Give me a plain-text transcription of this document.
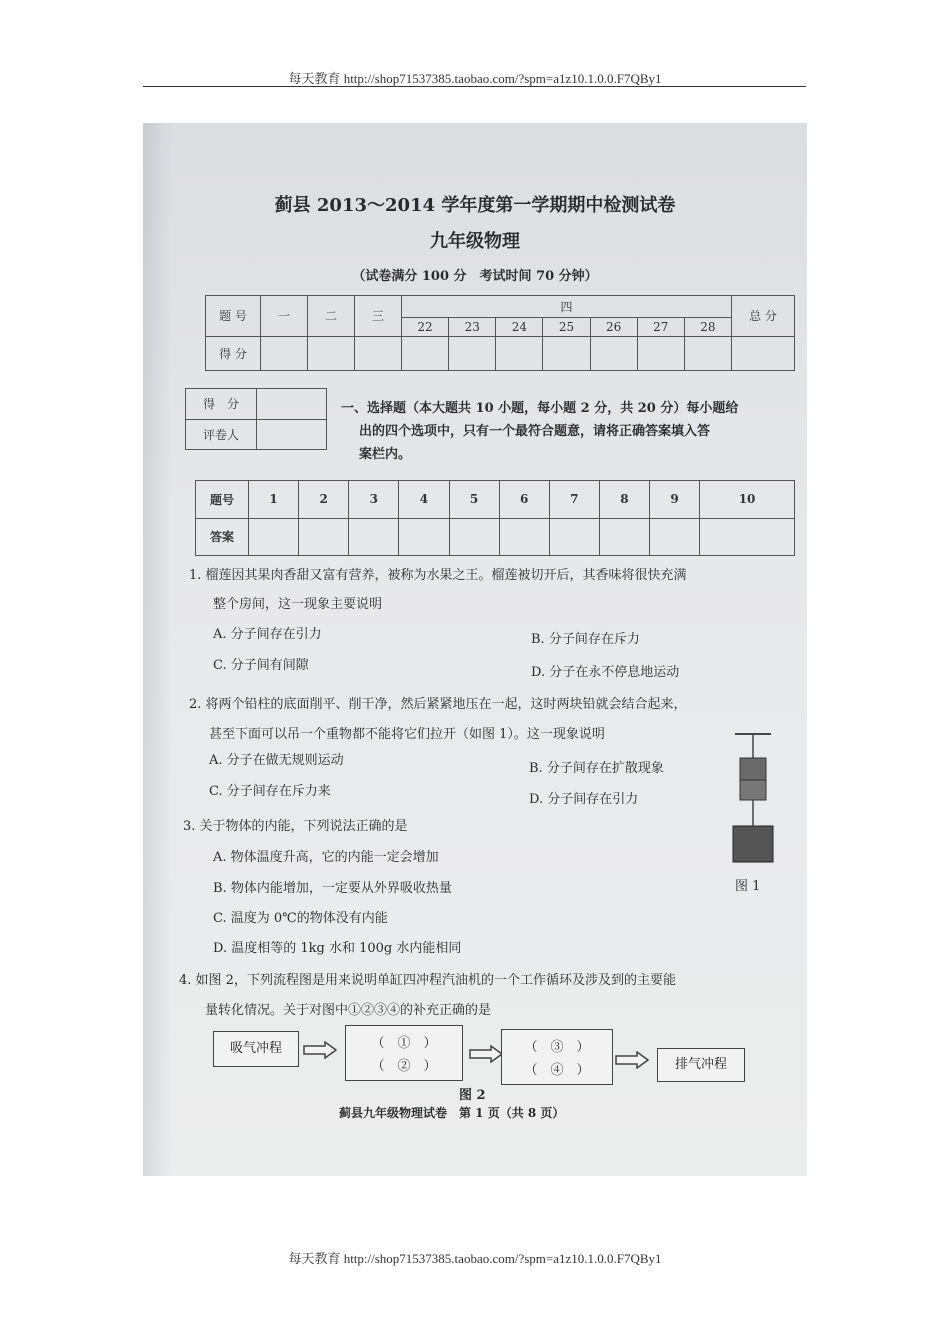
每天教育 http://shop71537385.taobao.com/?spm=a1z10.1.0.0.F7QBy1
蓟县 2013～2014 学年度第一学期期中检测试卷
九年级物理
（试卷满分 100 分　考试时间 70 分钟）
题 号	一	二	三	四							总 分
				22	23	24	25	26	27	28	
得 分											
得　分	
评卷人	
一、选择题（本大题共 10 小题，每小题 2 分，共 20 分）每小题给
出的四个选项中，只有一个最符合题意，请将正确答案填入答
案栏内。
题号	1	2	3	4	5	6	7	8	9	10
答案										
1. 榴莲因其果肉香甜又富有营养，被称为水果之王。榴莲被切开后，其香味将很快充满
整个房间，这一现象主要说明
A. 分子间存在引力	B. 分子间存在斥力
C. 分子间有间隙	D. 分子在永不停息地运动
2. 将两个铅柱的底面削平、削干净，然后紧紧地压在一起，这时两块铅就会结合起来，
甚至下面可以吊一个重物都不能将它们拉开（如图 1）。这一现象说明
A. 分子在做无规则运动
B. 分子间存在扩散现象
C. 分子间存在斥力来
D. 分子间存在引力
图 1
3. 关于物体的内能，下列说法正确的是
A. 物体温度升高，它的内能一定会增加
B. 物体内能增加，一定要从外界吸收热量
C. 温度为 0℃的物体没有内能
D. 温度相等的 1kg 水和 100g 水内能相同
4. 如图 2，下列流程图是用来说明单缸四冲程汽油机的一个工作循环及涉及到的主要能
量转化情况。关于对图中①②③④的补充正确的是
吸气冲程	（　①　）
（　②　）
（　③　）
（　④　）	排气冲程
图 2
蓟县九年级物理试卷　第 1 页（共 8 页）
每天教育 http://shop71537385.taobao.com/?spm=a1z10.1.0.0.F7QBy1
